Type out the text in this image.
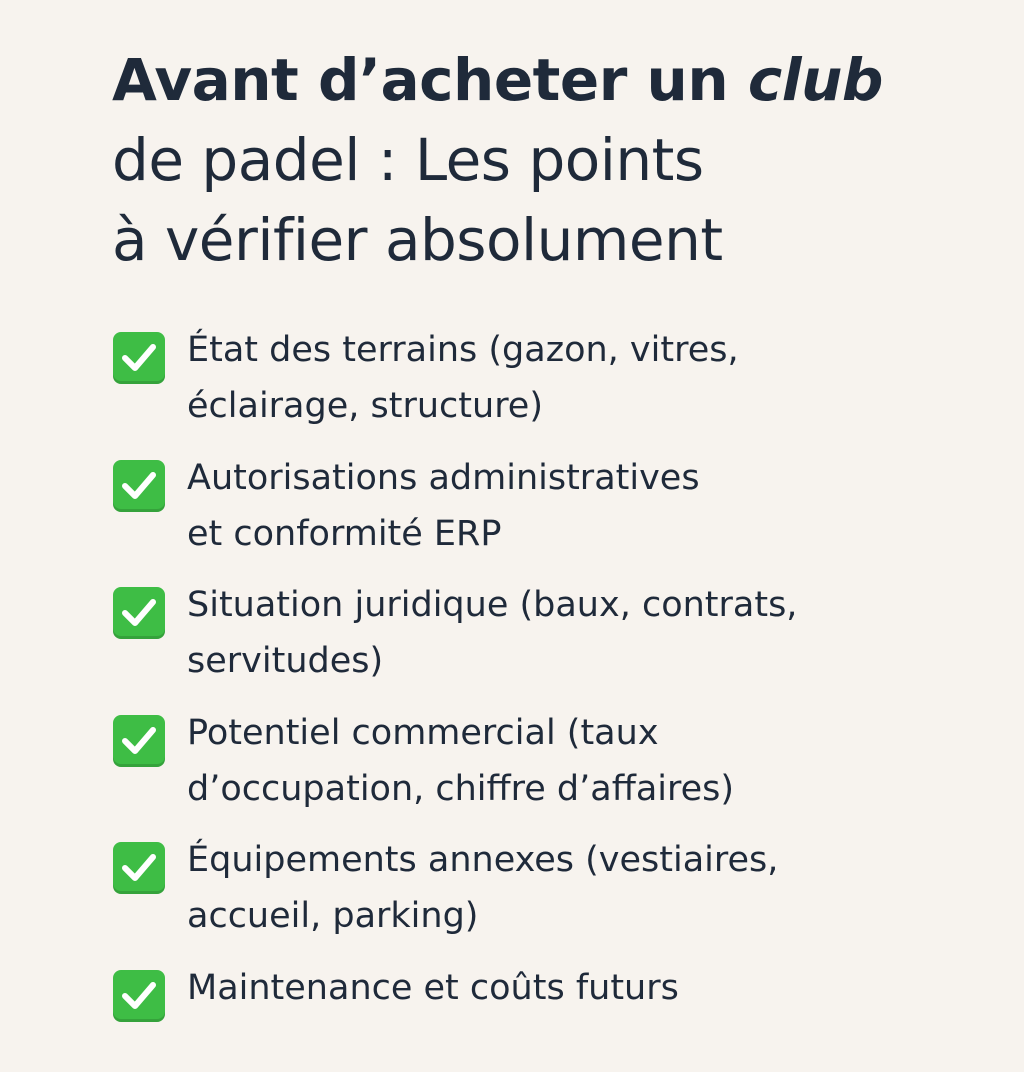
Avant d’acheter un club
de padel : Les points
à vérifier absolument

État des terrains (gazon, vitres,
éclairage, structure)

Autorisations administratives
et conformité ERP

Situation juridique (baux, contrats,
servitudes)

Potentiel commercial (taux
d’occupation, chiffre d’affaires)

Équipements annexes (vestiaires,
accueil, parking)

Maintenance et coûts futurs
